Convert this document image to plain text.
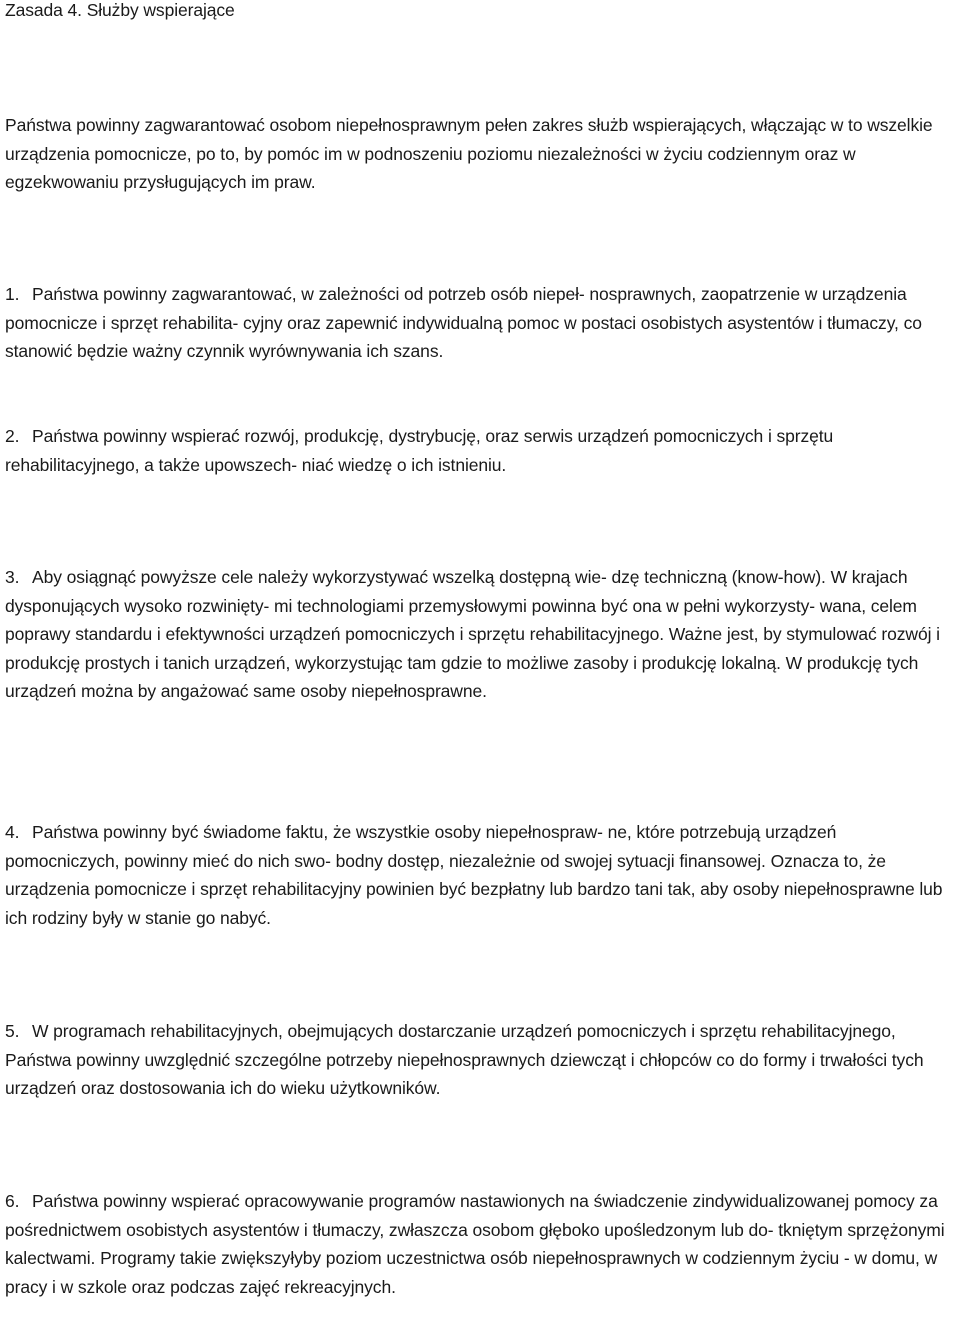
Zasada 4. Służby wspierające
Państwa powinny zagwarantować osobom niepełnosprawnym pełen zakres służb wspierających, włączając w to wszelkie urządzenia pomocnicze, po to, by pomóc im w podnoszeniu poziomu niezależności w życiu codziennym oraz w egzekwowaniu przysługujących im praw.
1. Państwa powinny zagwarantować, w zależności od potrzeb osób niepeł- nosprawnych, zaopatrzenie w urządzenia pomocnicze i sprzęt rehabilita- cyjny oraz zapewnić indywidualną pomoc w postaci osobistych asystentów i tłumaczy, co stanowić będzie ważny czynnik wyrównywania ich szans.
2. Państwa powinny wspierać rozwój, produkcję, dystrybucję, oraz serwis urządzeń pomocniczych i sprzętu rehabilitacyjnego, a także upowszech- niać wiedzę o ich istnieniu.
3. Aby osiągnąć powyższe cele należy wykorzystywać wszelką dostępną wie- dzę techniczną (know-how). W krajach dysponujących wysoko rozwinięty- mi technologiami przemysłowymi powinna być ona w pełni wykorzysty- wana, celem poprawy standardu i efektywności urządzeń pomocniczych i sprzętu rehabilitacyjnego. Ważne jest, by stymulować rozwój i produkcję prostych i tanich urządzeń, wykorzystując tam gdzie to możliwe zasoby i produkcję lokalną. W produkcję tych urządzeń można by angażować same osoby niepełnosprawne.
4. Państwa powinny być świadome faktu, że wszystkie osoby niepełnospraw- ne, które potrzebują urządzeń pomocniczych, powinny mieć do nich swo- bodny dostęp, niezależnie od swojej sytuacji finansowej. Oznacza to, że urządzenia pomocnicze i sprzęt rehabilitacyjny powinien być bezpłatny lub bardzo tani tak, aby osoby niepełnosprawne lub ich rodziny były w stanie go nabyć.
5. W programach rehabilitacyjnych, obejmujących dostarczanie urządzeń pomocniczych i sprzętu rehabilitacyjnego, Państwa powinny uwzględnić szczególne potrzeby niepełnosprawnych dziewcząt i chłopców co do formy i trwałości tych urządzeń oraz dostosowania ich do wieku użytkowników.
6. Państwa powinny wspierać opracowywanie programów nastawionych na świadczenie zindywidualizowanej pomocy za pośrednictwem osobistych asystentów i tłumaczy, zwłaszcza osobom głęboko upośledzonym lub do- tkniętym sprzężonymi kalectwami. Programy takie zwiększyłyby poziom uczestnictwa osób niepełnosprawnych w codziennym życiu - w domu, w pracy i w szkole oraz podczas zajęć rekreacyjnych.
